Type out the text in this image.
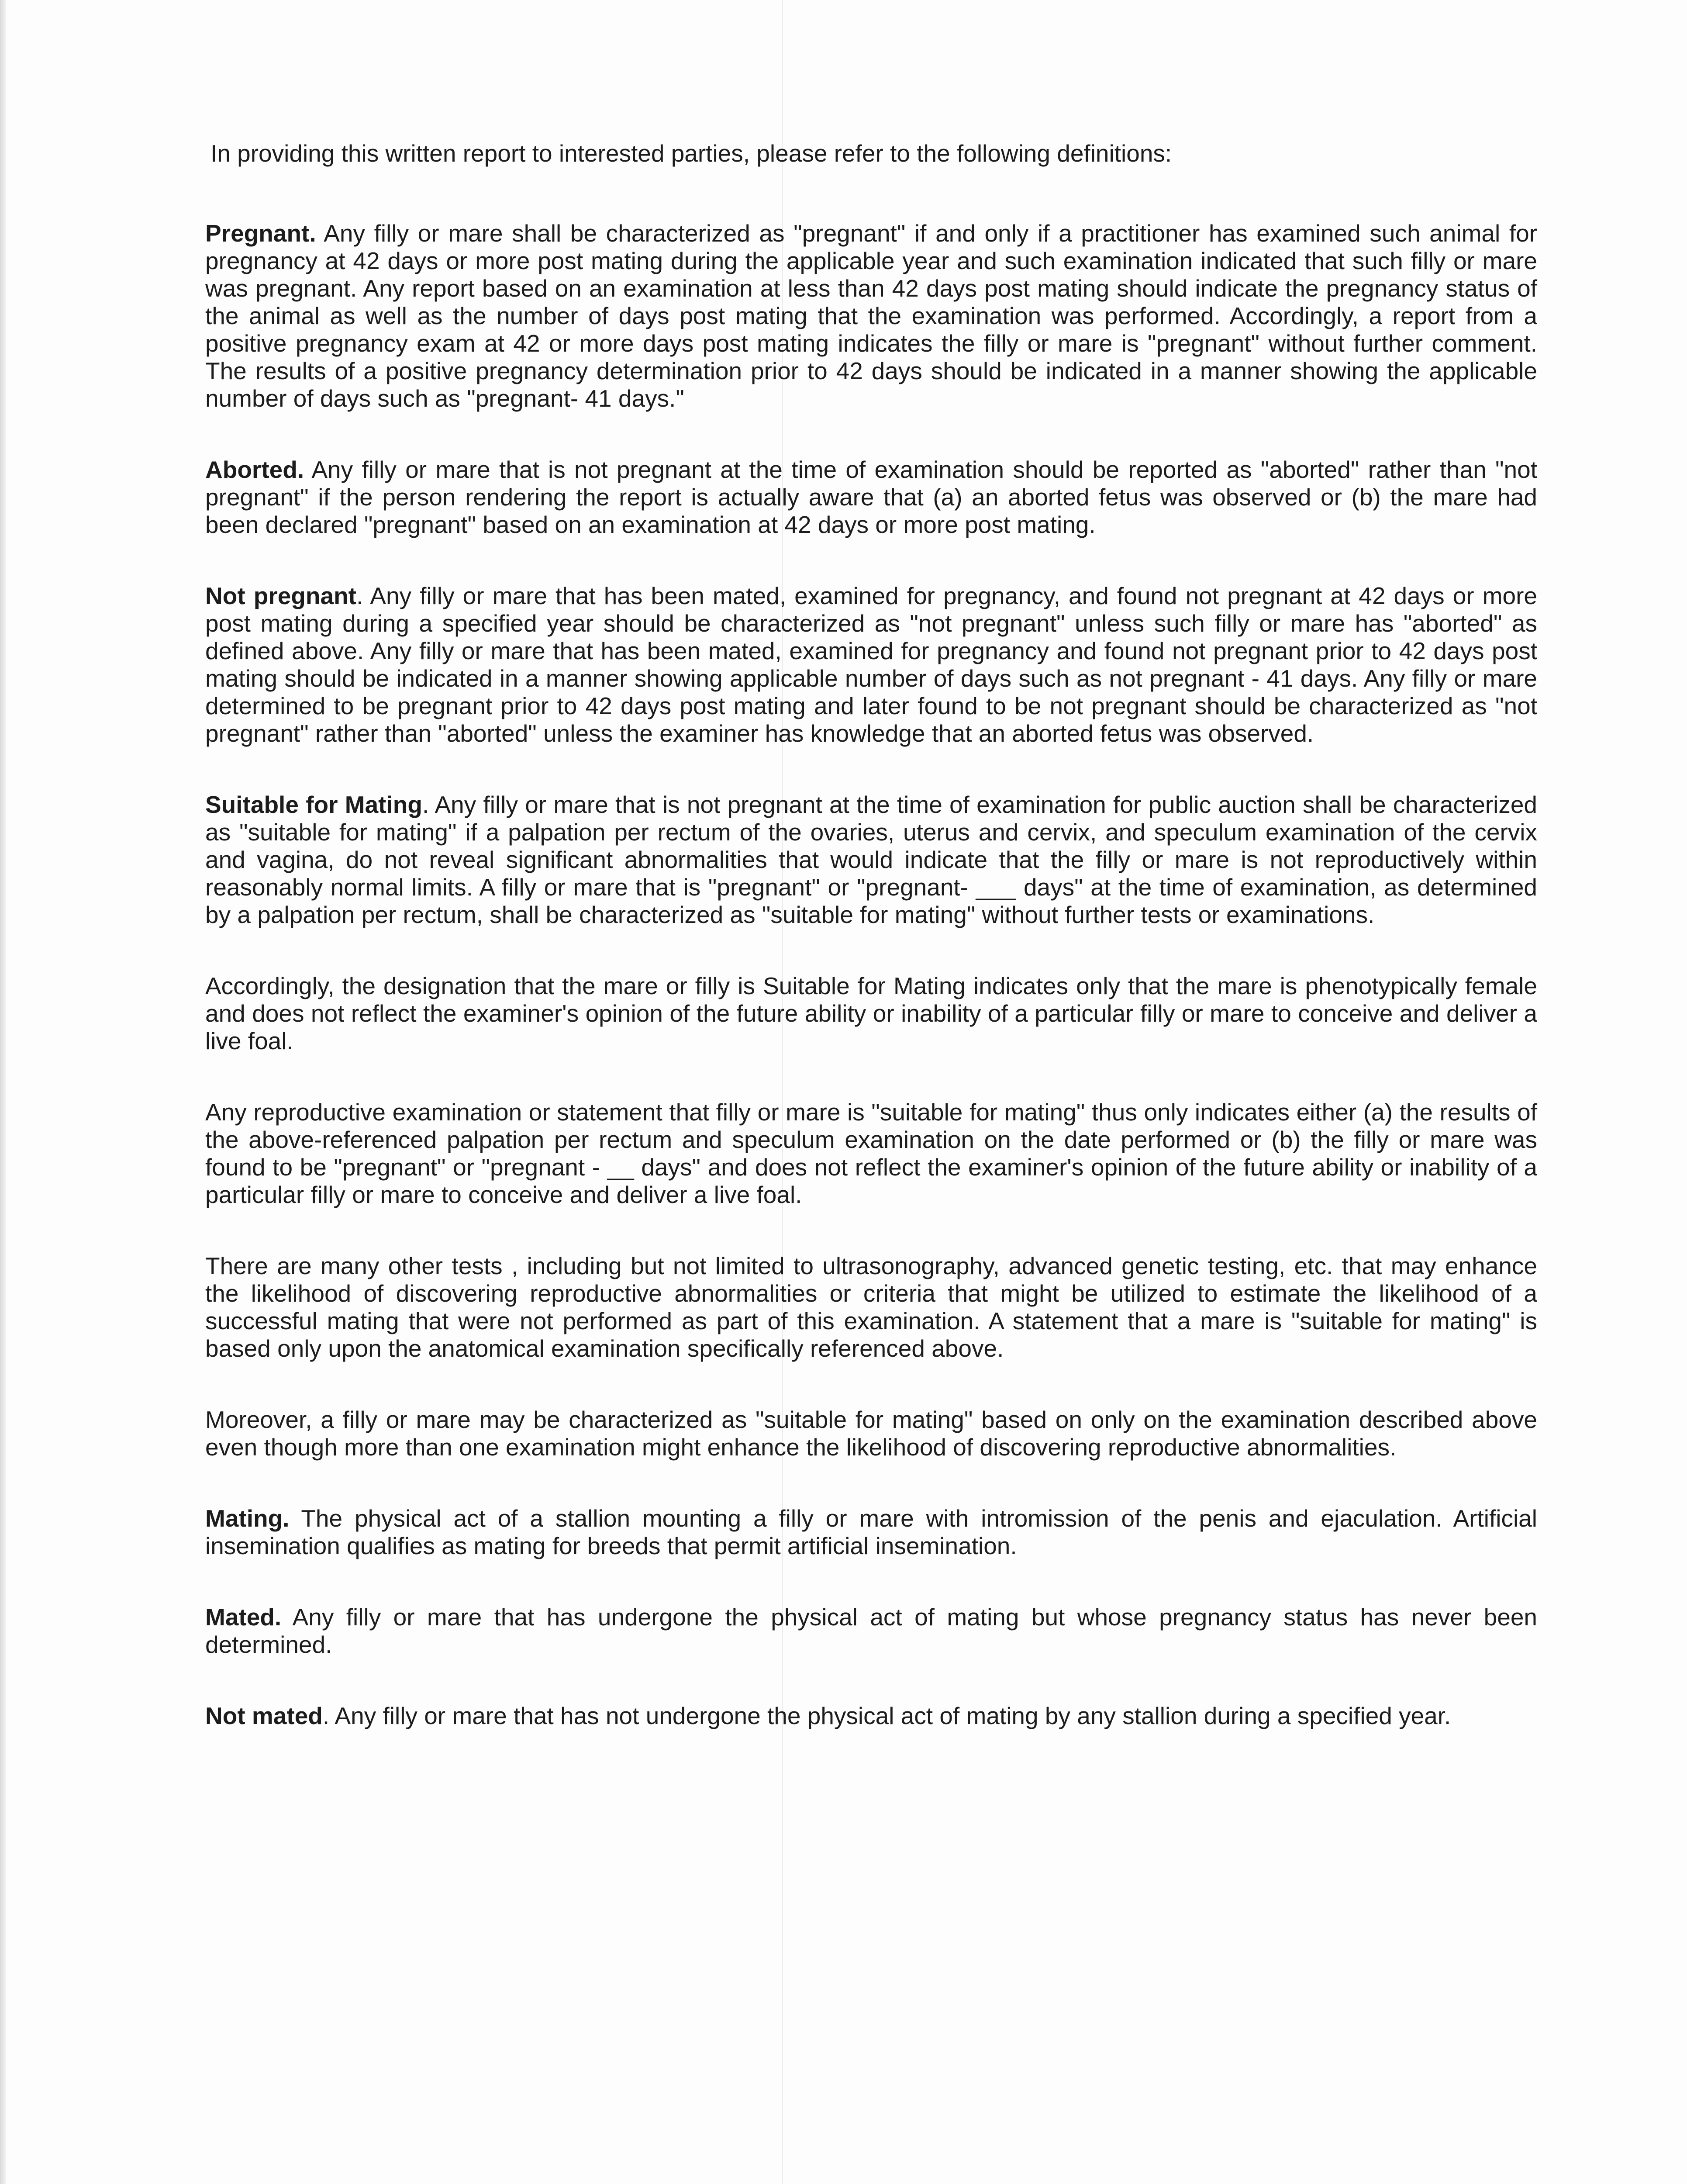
In providing this written report to interested parties, please refer to the following definitions:

Pregnant. Any filly or mare shall be characterized as "pregnant" if and only if a practitioner has examined such animal for pregnancy at 42 days or more post mating during the applicable year and such examination indicated that such filly or mare was pregnant. Any report based on an examination at less than 42 days post mating should indicate the pregnancy status of the animal as well as the number of days post mating that the examination was performed. Accordingly, a report from a positive pregnancy exam at 42 or more days post mating indicates the filly or mare is "pregnant" without further comment. The results of a positive pregnancy determination prior to 42 days should be indicated in a manner showing the applicable number of days such as "pregnant- 41 days."

Aborted. Any filly or mare that is not pregnant at the time of examination should be reported as "aborted" rather than "not pregnant" if the person rendering the report is actually aware that (a) an aborted fetus was observed or (b) the mare had been declared "pregnant" based on an examination at 42 days or more post mating.

Not pregnant. Any filly or mare that has been mated, examined for pregnancy, and found not pregnant at 42 days or more post mating during a specified year should be characterized as "not pregnant" unless such filly or mare has "aborted" as defined above. Any filly or mare that has been mated, examined for pregnancy and found not pregnant prior to 42 days post mating should be indicated in a manner showing applicable number of days such as not pregnant - 41 days. Any filly or mare determined to be pregnant prior to 42 days post mating and later found to be not pregnant should be characterized as "not pregnant" rather than "aborted" unless the examiner has knowledge that an aborted fetus was observed.

Suitable for Mating. Any filly or mare that is not pregnant at the time of examination for public auction shall be characterized as "suitable for mating" if a palpation per rectum of the ovaries, uterus and cervix, and speculum examination of the cervix and vagina, do not reveal significant abnormalities that would indicate that the filly or mare is not reproductively within reasonably normal limits. A filly or mare that is "pregnant" or "pregnant- ___ days" at the time of examination, as determined by a palpation per rectum, shall be characterized as "suitable for mating" without further tests or examinations.

Accordingly, the designation that the mare or filly is Suitable for Mating indicates only that the mare is phenotypically female and does not reflect the examiner's opinion of the future ability or inability of a particular filly or mare to conceive and deliver a live foal.

Any reproductive examination or statement that filly or mare is "suitable for mating" thus only indicates either (a) the results of the above-referenced palpation per rectum and speculum examination on the date performed or (b) the filly or mare was found to be "pregnant" or "pregnant - __ days" and does not reflect the examiner's opinion of the future ability or inability of a particular filly or mare to conceive and deliver a live foal.

There are many other tests , including but not limited to ultrasonography, advanced genetic testing, etc. that may enhance the likelihood of discovering reproductive abnormalities or criteria that might be utilized to estimate the likelihood of a successful mating that were not performed as part of this examination. A statement that a mare is "suitable for mating" is based only upon the anatomical examination specifically referenced above.

Moreover, a filly or mare may be characterized as "suitable for mating" based on only on the examination described above even though more than one examination might enhance the likelihood of discovering reproductive abnormalities.

Mating. The physical act of a stallion mounting a filly or mare with intromission of the penis and ejaculation. Artificial insemination qualifies as mating for breeds that permit artificial insemination.

Mated. Any filly or mare that has undergone the physical act of mating but whose pregnancy status has never been determined.

Not mated. Any filly or mare that has not undergone the physical act of mating by any stallion during a specified year.
